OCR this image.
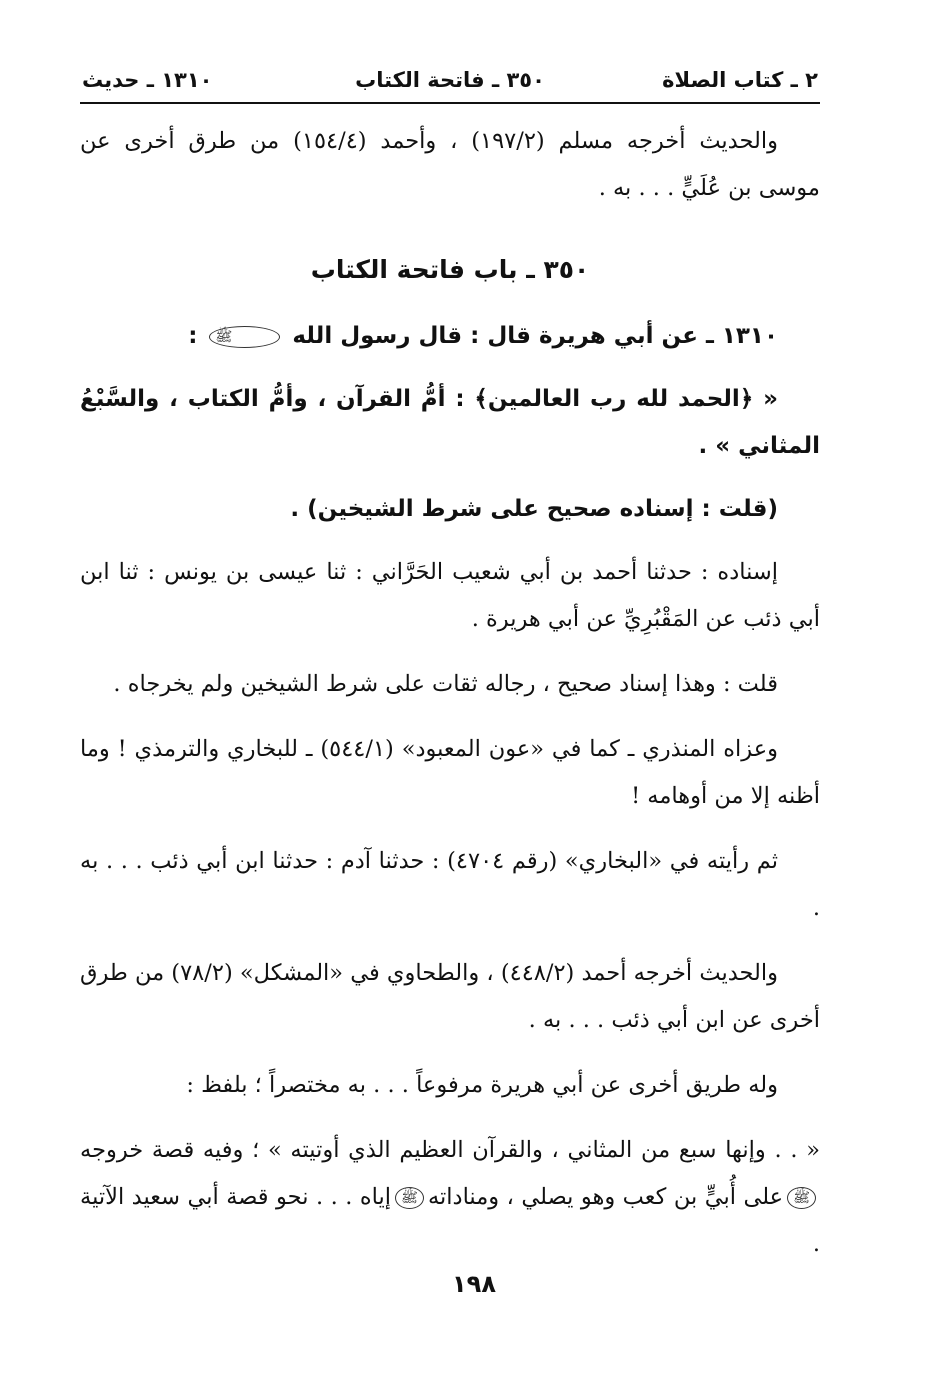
٢ ـ كتاب الصلاة
٣٥٠ ـ فاتحة الكتاب
١٣١٠ ـ حديث

والحديث أخرجه مسلم (١٩٧/٢) ، وأحمد (١٥٤/٤) من طرق أخرى عن موسى بن عُلَيٍّ . . . به .

٣٥٠ ـ باب فاتحة الكتاب
١٣١٠ ـ عن أبي هريرة قال : قال رسول الله ﷺ :
« ﴿الحمد لله رب العالمين﴾ : أمُّ القرآن ، وأمُّ الكتاب ، والسَّبْعُ المثاني » .
(قلت : إسناده صحيح على شرط الشيخين) .

إسناده : حدثنا أحمد بن أبي شعيب الحَرَّاني : ثنا عيسى بن يونس : ثنا ابن أبي ذئب عن المَقْبُرِيِّ عن أبي هريرة .

قلت : وهذا إسناد صحيح ، رجاله ثقات على شرط الشيخين ولم يخرجاه .

وعزاه المنذري ـ كما في «عون المعبود» (٥٤٤/١) ـ للبخاري والترمذي ! وما أظنه إلا من أوهامه !

ثم رأيته في «البخاري» (رقم ٤٧٠٤) : حدثنا آدم : حدثنا ابن أبي ذئب . . . به .

والحديث أخرجه أحمد (٤٤٨/٢) ، والطحاوي في «المشكل» (٧٨/٢) من طرق أخرى عن ابن أبي ذئب . . . به .

وله طريق أخرى عن أبي هريرة مرفوعاً . . . به مختصراً ؛ بلفظ :

« . . وإنها سبع من المثاني ، والقرآن العظيم الذي أوتيته » ؛ وفيه قصة خروجهﷺعلى أُبيٍّ بن كعب وهو يصلي ، ومناداتهﷺإياه . . . نحو قصة أبي سعيد الآتية .

١٩٨
